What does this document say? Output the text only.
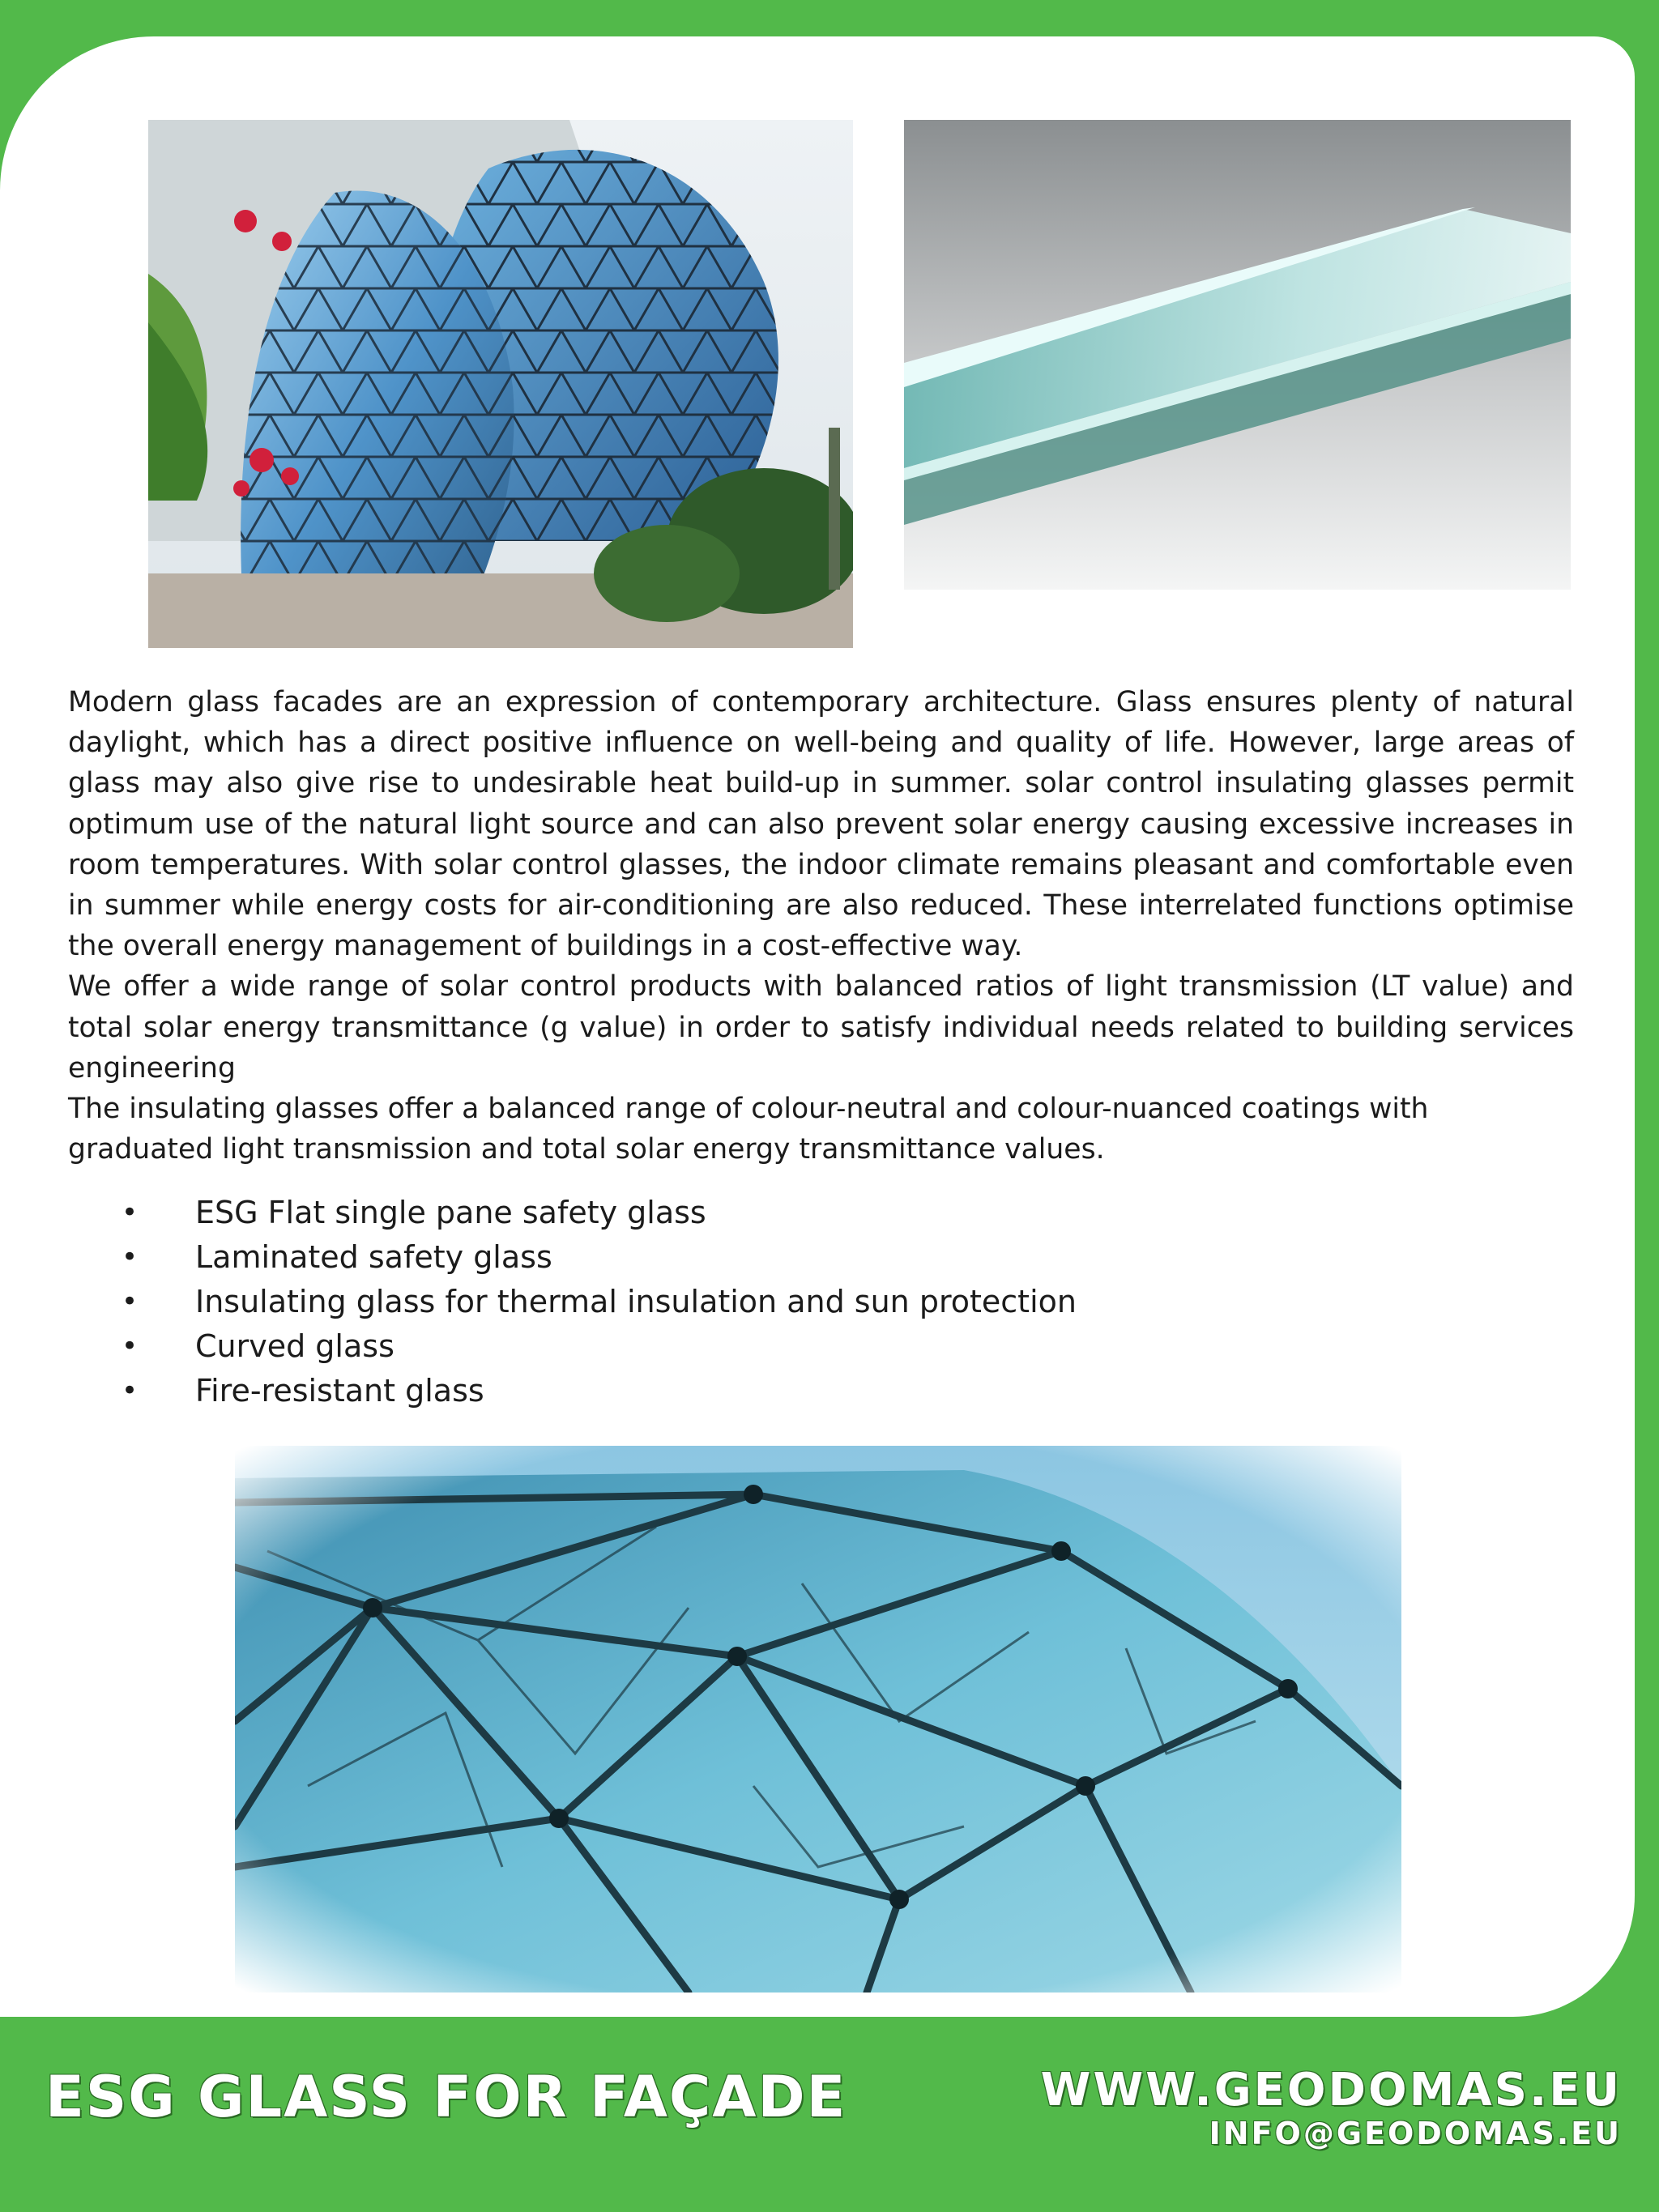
Modern glass facades are an expression of contemporary architecture. Glass ensures plenty of natural daylight, which has a direct positive influence on well-being and quality of life. However, large areas of glass may also give rise to undesirable heat build-up in summer. solar control insulating glasses permit optimum use of the natural light source and can also prevent solar energy causing excessive increases in room temperatures. With solar control glasses, the indoor climate remains pleasant and comfortable even in summer while energy costs for air-conditioning are also reduced. These interrelated functions optimise the overall energy management of buildings in a cost-effective way.

We offer a wide range of solar control products with balanced ratios of light transmission (LT value) and total solar energy transmittance (g value) in order to satisfy individual needs related to building services engineering

The insulating glasses offer a balanced range of colour-neutral and colour-nuanced coatings with graduated light transmission and total solar energy transmittance values.

• ESG Flat single pane safety glass
• Laminated safety glass
• Insulating glass for thermal insulation and sun protection
• Curved glass
• Fire-resistant glass
ESG GLASS FOR FAÇADE	WWW.GEODOMAS.EU
INFO@GEODOMAS.EU
